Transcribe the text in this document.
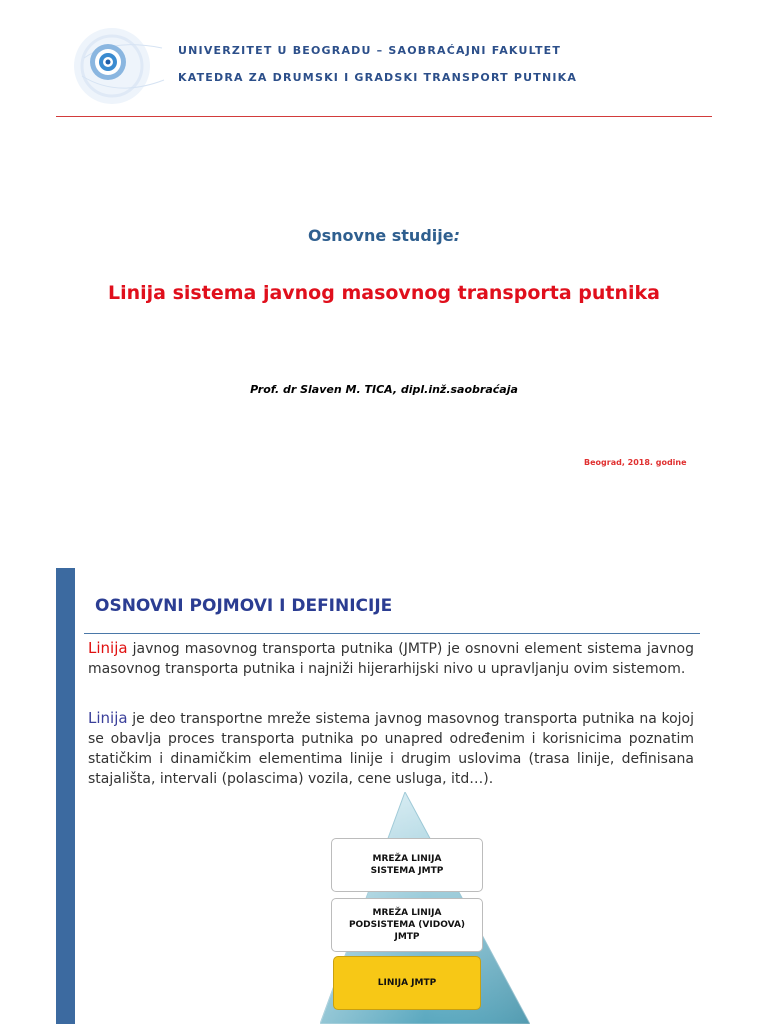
UNIVERZITET U BEOGRADU – SAOBRAĆAJNI FAKULTET
KATEDRA ZA DRUMSKI I GRADSKI TRANSPORT PUTNIKA
Osnovne studije:
Linija sistema javnog masovnog transporta putnika
Prof. dr Slaven M. TICA, dipl.inž.saobraćaja
Beograd, 2018. godine
OSNOVNI POJMOVI I DEFINICIJE

Linija javnog masovnog transporta putnika (JMTP) je osnovni element sistema javnog masovnog transporta putnika i najniži hijerarhijski nivo u upravljanju ovim sistemom.

Linija je deo transportne mreže sistema javnog masovnog transporta putnika na kojoj se obavlja proces transporta putnika po unapred određenim i korisnicima poznatim statičkim i dinamičkim elementima linije i drugim uslovima (trasa linije, definisana stajališta, intervali (polascima) vozila, cene usluga, itd…).

MREŽA LINIJA
SISTEMA JMTP
MREŽA LINIJA
PODSISTEMA (VIDOVA)
JMTP
LINIJA JMTP
